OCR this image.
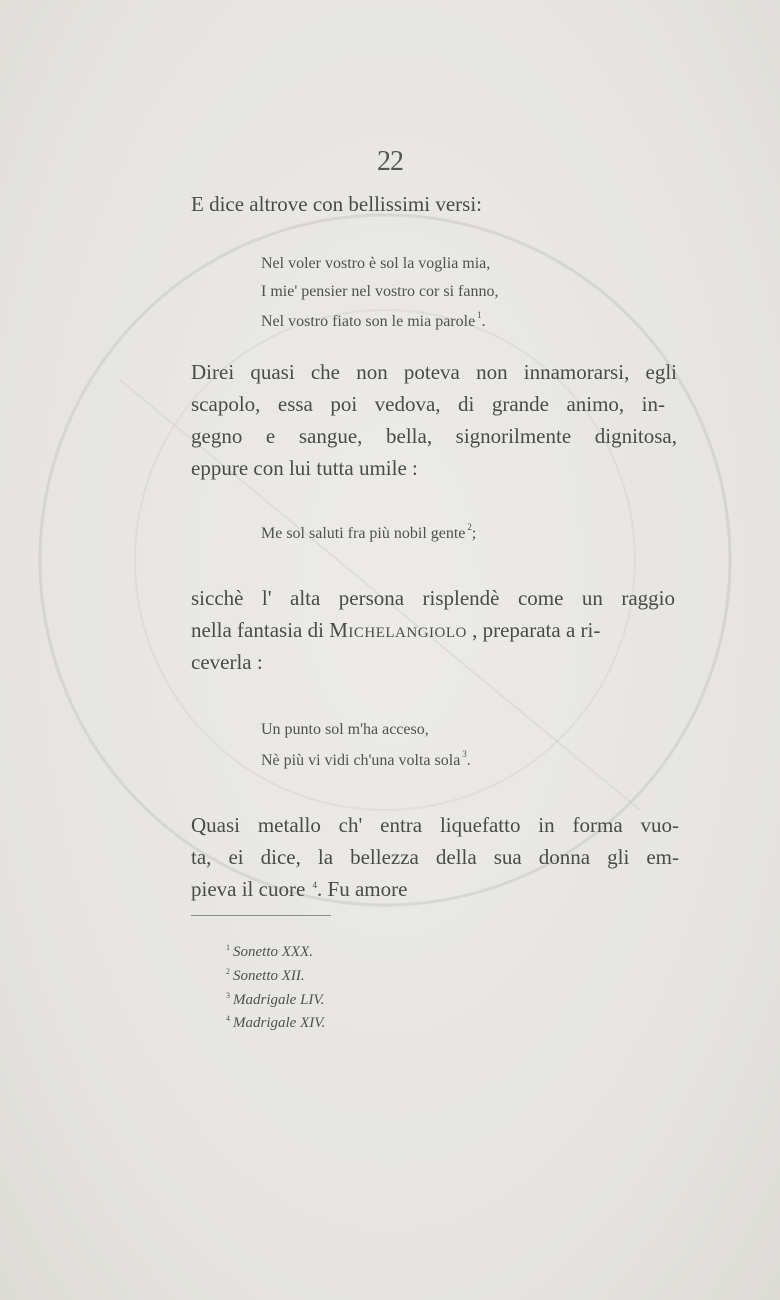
22
E dice altrove con bellissimi versi:
Nel voler vostro è sol la voglia mia,
I mie' pensier nel vostro cor si fanno,
Nel vostro fiato son le mia parole $^1$.
Direi quasi che non poteva non innamorarsi, egli
scapolo, essa poi vedova, di grande animo, in-
gegno e sangue, bella, signorilmente dignitosa,
eppure con lui tutta umile :
Me sol saluti fra più nobil gente $^2$;
sicchè l' alta persona risplendè come un raggio
nella fantasia di Michelangiolo , preparata a ri-
ceverla :
Un punto sol m'ha acceso,
Nè più vi vidi ch'una volta sola $^3$.
Quasi metallo ch' entra liquefatto in forma vuo-
ta, ei dice, la bellezza della sua donna gli em-
pieva il cuore $^4$. Fu amore
$^1$ Sonetto XXX.
$^2$ Sonetto XII.
$^3$ Madrigale LIV.
$^4$ Madrigale XIV.
